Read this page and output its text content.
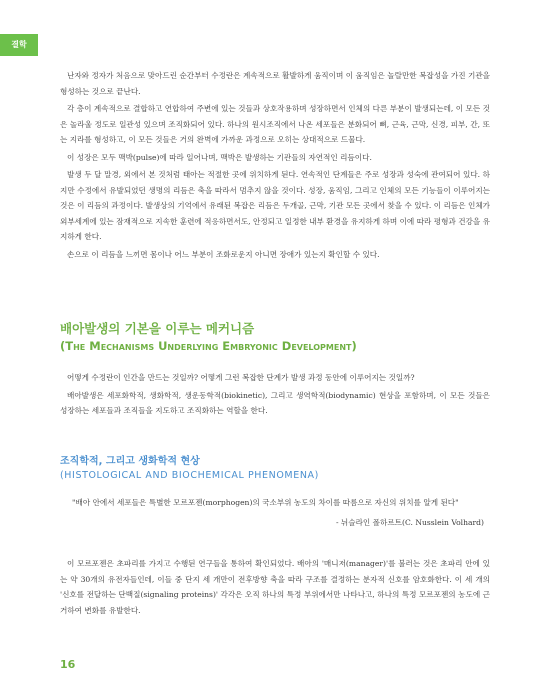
결학

난자와 정자가 처음으로 맞아드린 순간부터 수정란은 계속적으로 활발하게 움직이며 이 움직임은 놀랄만한 복잡성을 가진 기관을 형성하는 것으로 끝난다.

각 층이 계속적으로 결합하고 연합하여 주변에 있는 것들과 상호작용하며 성장하면서 인체의 다른 부분이 발생되는데, 이 모든 것은 놀라울 정도로 일관성 있으며 조직화되어 있다. 하나의 원시조직에서 나온 세포들은 분화되어 뼈, 근육, 근막, 신경, 피부, 간, 또는 지라를 형성하고, 이 모든 것들은 거의 완벽에 가까운 과정으로 오히는 상대적으로 드물다.

이 성장은 모두 맥박(pulse)에 따라 일어나며, 맥박은 발생하는 기관들의 자연적인 리듬이다.

발생 두 달 말경, 외에서 본 것처럼 태아는 적절한 곳에 위치하게 된다. 연속적인 단계들은 주로 성장과 성숙에 관여되어 있다. 하지만 수정에서 유발되었던 생명의 리듬은 축을 따라서 멈추지 않을 것이다. 성장, 움직임, 그리고 인체의 모든 기능들이 이루어지는 것은 이 리듬의 과정이다. 발생상의 기억에서 유래된 복잡은 리듬은 두개골, 근막, 기관 모든 곳에서 찾을 수 있다. 이 리듬은 인체가 외부세계에 있는 잠재적으로 지속한 훈련에 적응하면서도, 안정되고 일정한 내부 환경을 유지하게 하며 이에 따라 평형과 건강을 유지하게 한다.

손으로 이 리듬을 느끼면 몸이나 어느 부분이 조화로운지 아니면 장애가 있는지 확인할 수 있다.

배아발생의 기본을 이루는 메커니즘

(The Mechanisms Underlying Embryonic Development)

어떻게 수정란이 인간을 만드는 것일까? 어떻게 그런 복잡한 단계가 발생 과정 동안에 이루어지는 것일까?

배아발생은 세포화학적, 생화학적, 생운동학적(biokinetic), 그리고 생역학적(biodynamic) 현상을 포함하며, 이 모든 것들은 성장하는 세포들과 조직들을 지도하고 조직화하는 역할을 한다.

조직학적, 그리고 생화학적 현상

(HISTOLOGICAL AND BIOCHEMICAL PHENOMENA)

"배아 안에서 세포들은 특별한 모르포젠(morphogen)의 국소부위 농도의 차이를 따름으로 자신의 위치를 알게 된다"

- 뉘슬라인 폴하르트(C. Nusslein Volhard)

이 모르포젠은 초파리를 가지고 수행된 연구들을 통하여 확인되었다. 배아의 '매니저(manager)'를 불러는 것은 초파리 안에 있는 약 30개의 유전자들인데, 이들 중 단지 세 개만이 전후방향 축을 따라 구조를 결정하는 분자적 신호를 암호화한다. 이 세 개의 '신호를 전달하는 단백질(signaling proteins)' 각각은 오직 하나의 특정 부위에서만 나타나고, 하나의 특정 모르포젠의 농도에 근거하여 변화를 유발한다.

16
